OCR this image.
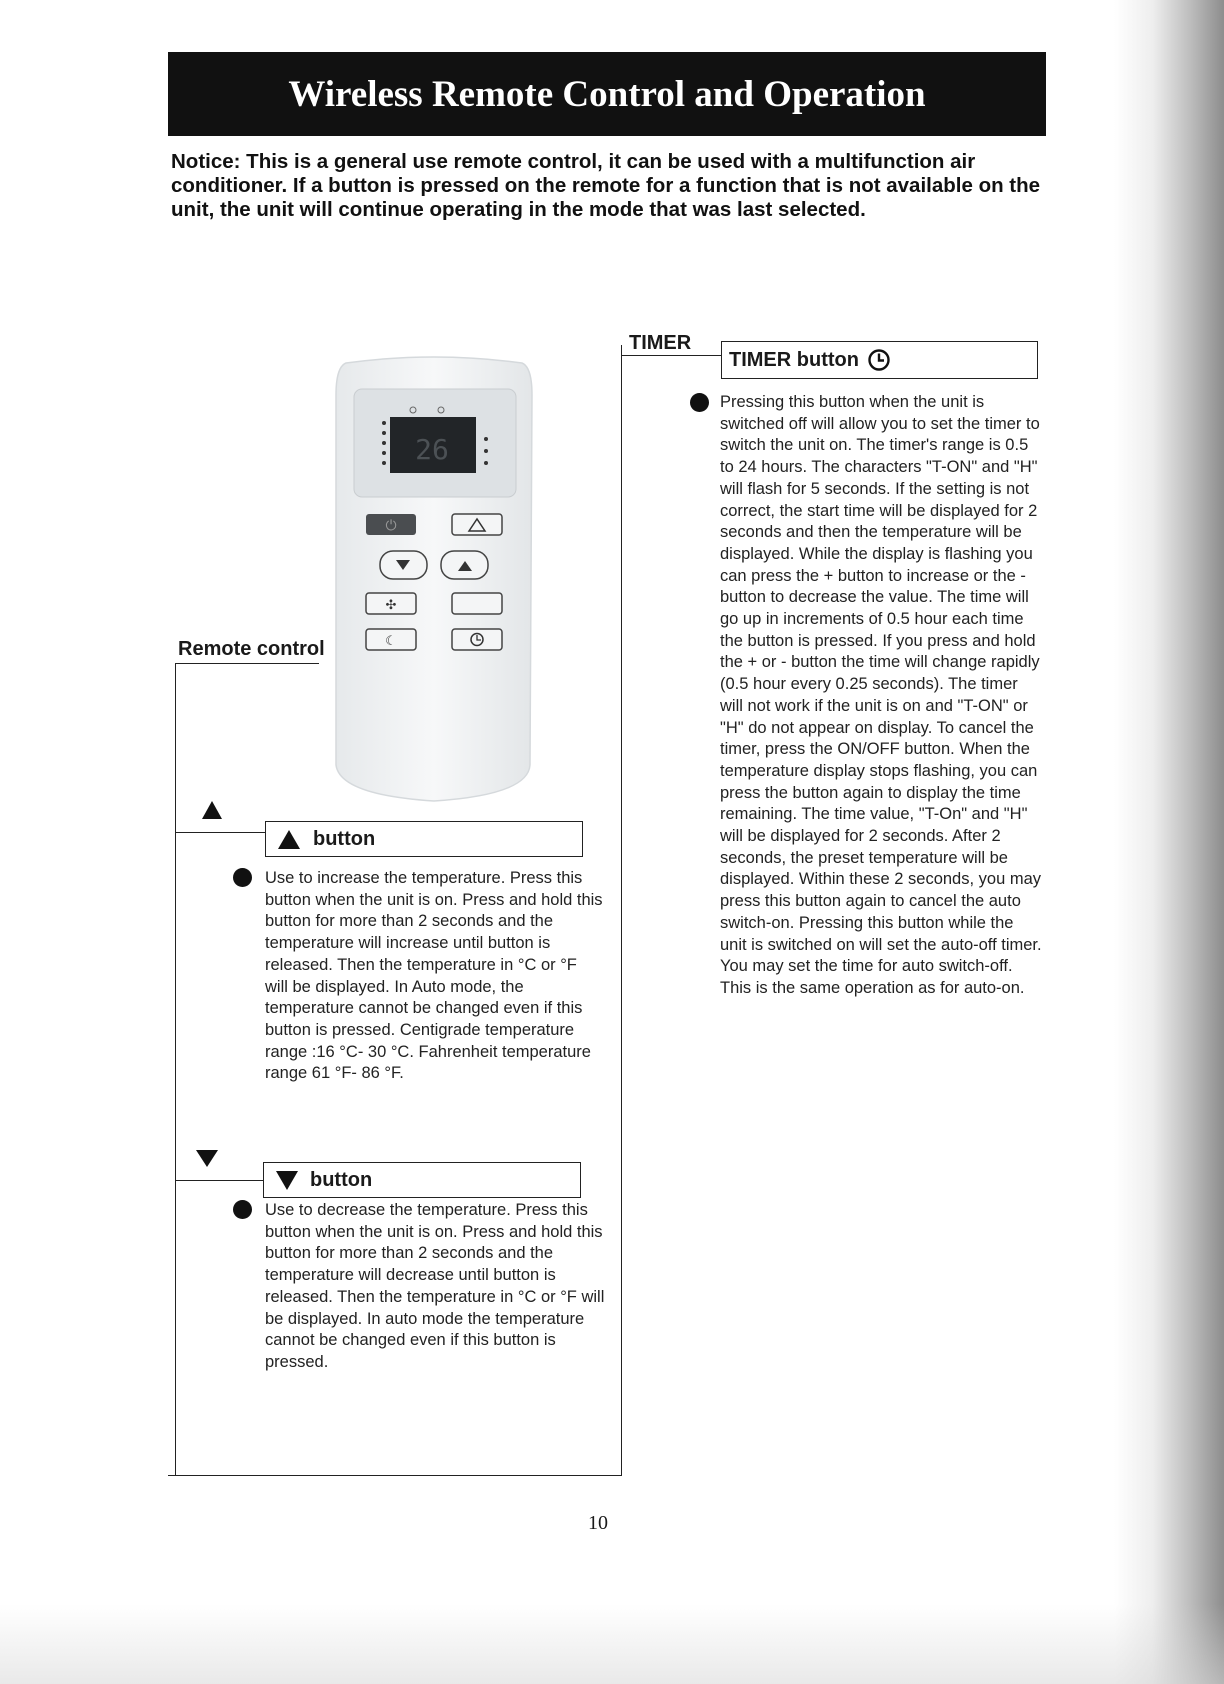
Wireless Remote Control and Operation
Notice: This is a general use remote control, it can be used with a multifunction air conditioner. If a button is pressed on the remote for a function that is not available on the unit, the unit will continue operating in the mode that was last selected.
26
⏻
✣
☾
Remote control
button
Use to increase the temperature. Press this button when the unit is on. Press and hold this button for more than 2 seconds and the temperature will increase until button is released. Then the temperature in °C or °F will be displayed. In Auto mode, the temperature cannot be changed even if this button is pressed. Centigrade temperature range :16 °C- 30 °C. Fahrenheit temperature range 61 °F- 86 °F.
button
Use to decrease the temperature. Press this button when the unit is on. Press and hold this button for more than 2 seconds and the temperature will decrease until button is released. Then the temperature in °C or °F will be displayed. In auto mode the temperature cannot be changed even if this button is pressed.
TIMER
TIMER button
Pressing this button when the unit is switched off will allow you to set the timer to switch the unit on. The timer's range is 0.5 to 24 hours. The characters "T-ON" and "H" will flash for 5 seconds. If the setting is not correct, the start time will be displayed for 2 seconds and then the temperature will be displayed. While the display is flashing you can press the + button to increase or the - button to decrease the value. The time will go up in increments of 0.5 hour each time the button is pressed. If you press and hold the + or - button the time will change rapidly (0.5 hour every 0.25 seconds). The timer will not work if the unit is on and "T-ON" or "H" do not appear on display. To cancel the timer, press the ON/OFF button. When the temperature display stops flashing, you can press the button again to display the time remaining. The time value, "T-On" and "H" will be displayed for 2 seconds. After 2 seconds, the preset temperature will be displayed. Within these 2 seconds, you may press this button again to cancel the auto switch-on. Pressing this button while the unit is switched on will set the auto-off timer. You may set the time for auto switch-off. This is the same operation as for auto-on.
10
